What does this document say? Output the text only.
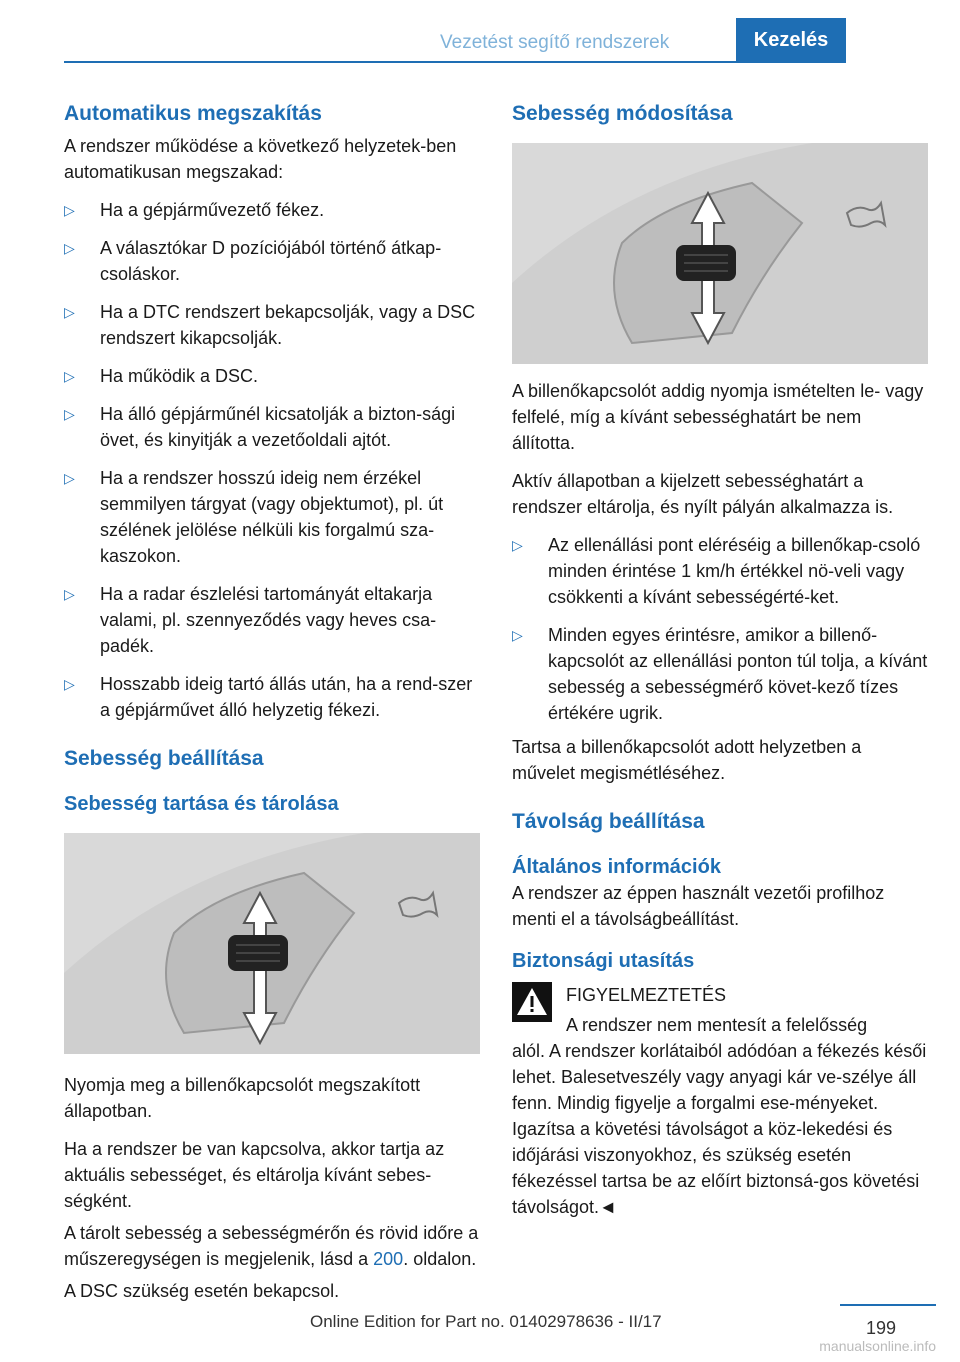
Vezetést segítő rendszerek	Kezelés
Automatikus megszakítás

A rendszer működése a következő helyzetek‐ben automatikusan megszakad:

▷ Ha a gépjárművezető fékez.
▷ A választókar D pozíciójából történő átkap‐csoláskor.
▷ Ha a DTC rendszert bekapcsolják, vagy a DSC rendszert kikapcsolják.
▷ Ha működik a DSC.
▷ Ha álló gépjárműnél kicsatolják a bizton‐sági övet, és kinyitják a vezetőoldali ajtót.
▷ Ha a rendszer hosszú ideig nem érzékel semmilyen tárgyat (vagy objektumot), pl. út szélének jelölése nélküli kis forgalmú sza‐kaszokon.
▷ Ha a radar észlelési tartományát eltakarja valami, pl. szennyeződés vagy heves csa‐padék.
▷ Hosszabb ideig tartó állás után, ha a rend‐szer a gépjárművet álló helyzetig fékezi.
Sebesség beállítása
Sebesség tartása és tárolása

Nyomja meg a billenőkapcsolót megszakított állapotban.

Ha a rendszer be van kapcsolva, akkor tartja az aktuális sebességet, és eltárolja kívánt sebes‐ségként.

A tárolt sebesség a sebességmérőn és rövid időre a műszeregységen is megjelenik, lásd a 200. oldalon.

A DSC szükség esetén bekapcsol.

Sebesség módosítása

A billenőkapcsolót addig nyomja ismételten le- vagy felfelé, míg a kívánt sebességhatárt be nem állította.

Aktív állapotban a kijelzett sebességhatárt a rendszer eltárolja, és nyílt pályán alkalmazza is.

▷ Az ellenállási pont eléréséig a billenőkap‐csoló minden érintése 1 km/h értékkel nö‐veli vagy csökkenti a kívánt sebességérté‐ket.
▷ Minden egyes érintésre, amikor a billenő‐kapcsolót az ellenállási ponton túl tolja, a kívánt sebesség a sebességmérő követ‐kező tízes értékére ugrik.

Tartsa a billenőkapcsolót adott helyzetben a művelet megismétléséhez.

Távolság beállítása
Általános információk

A rendszer az éppen használt vezetői profilhoz menti el a távolságbeállítást.

Biztonsági utasítás
FIGYELMEZTETÉS
A rendszer nem mentesít a felelősség

alól. A rendszer korlátaiból adódóan a fékezés késői lehet. Balesetveszély vagy anyagi kár ve‐szélye áll fenn. Mindig figyelje a forgalmi ese‐ményeket. Igazítsa a követési távolságot a köz‐lekedési és időjárási viszonyokhoz, és szükség esetén fékezéssel tartsa be az előírt biztonsá‐gos követési távolságot.◄

Online Edition for Part no. 01402978636 - II/17	199
manualsonline.info
